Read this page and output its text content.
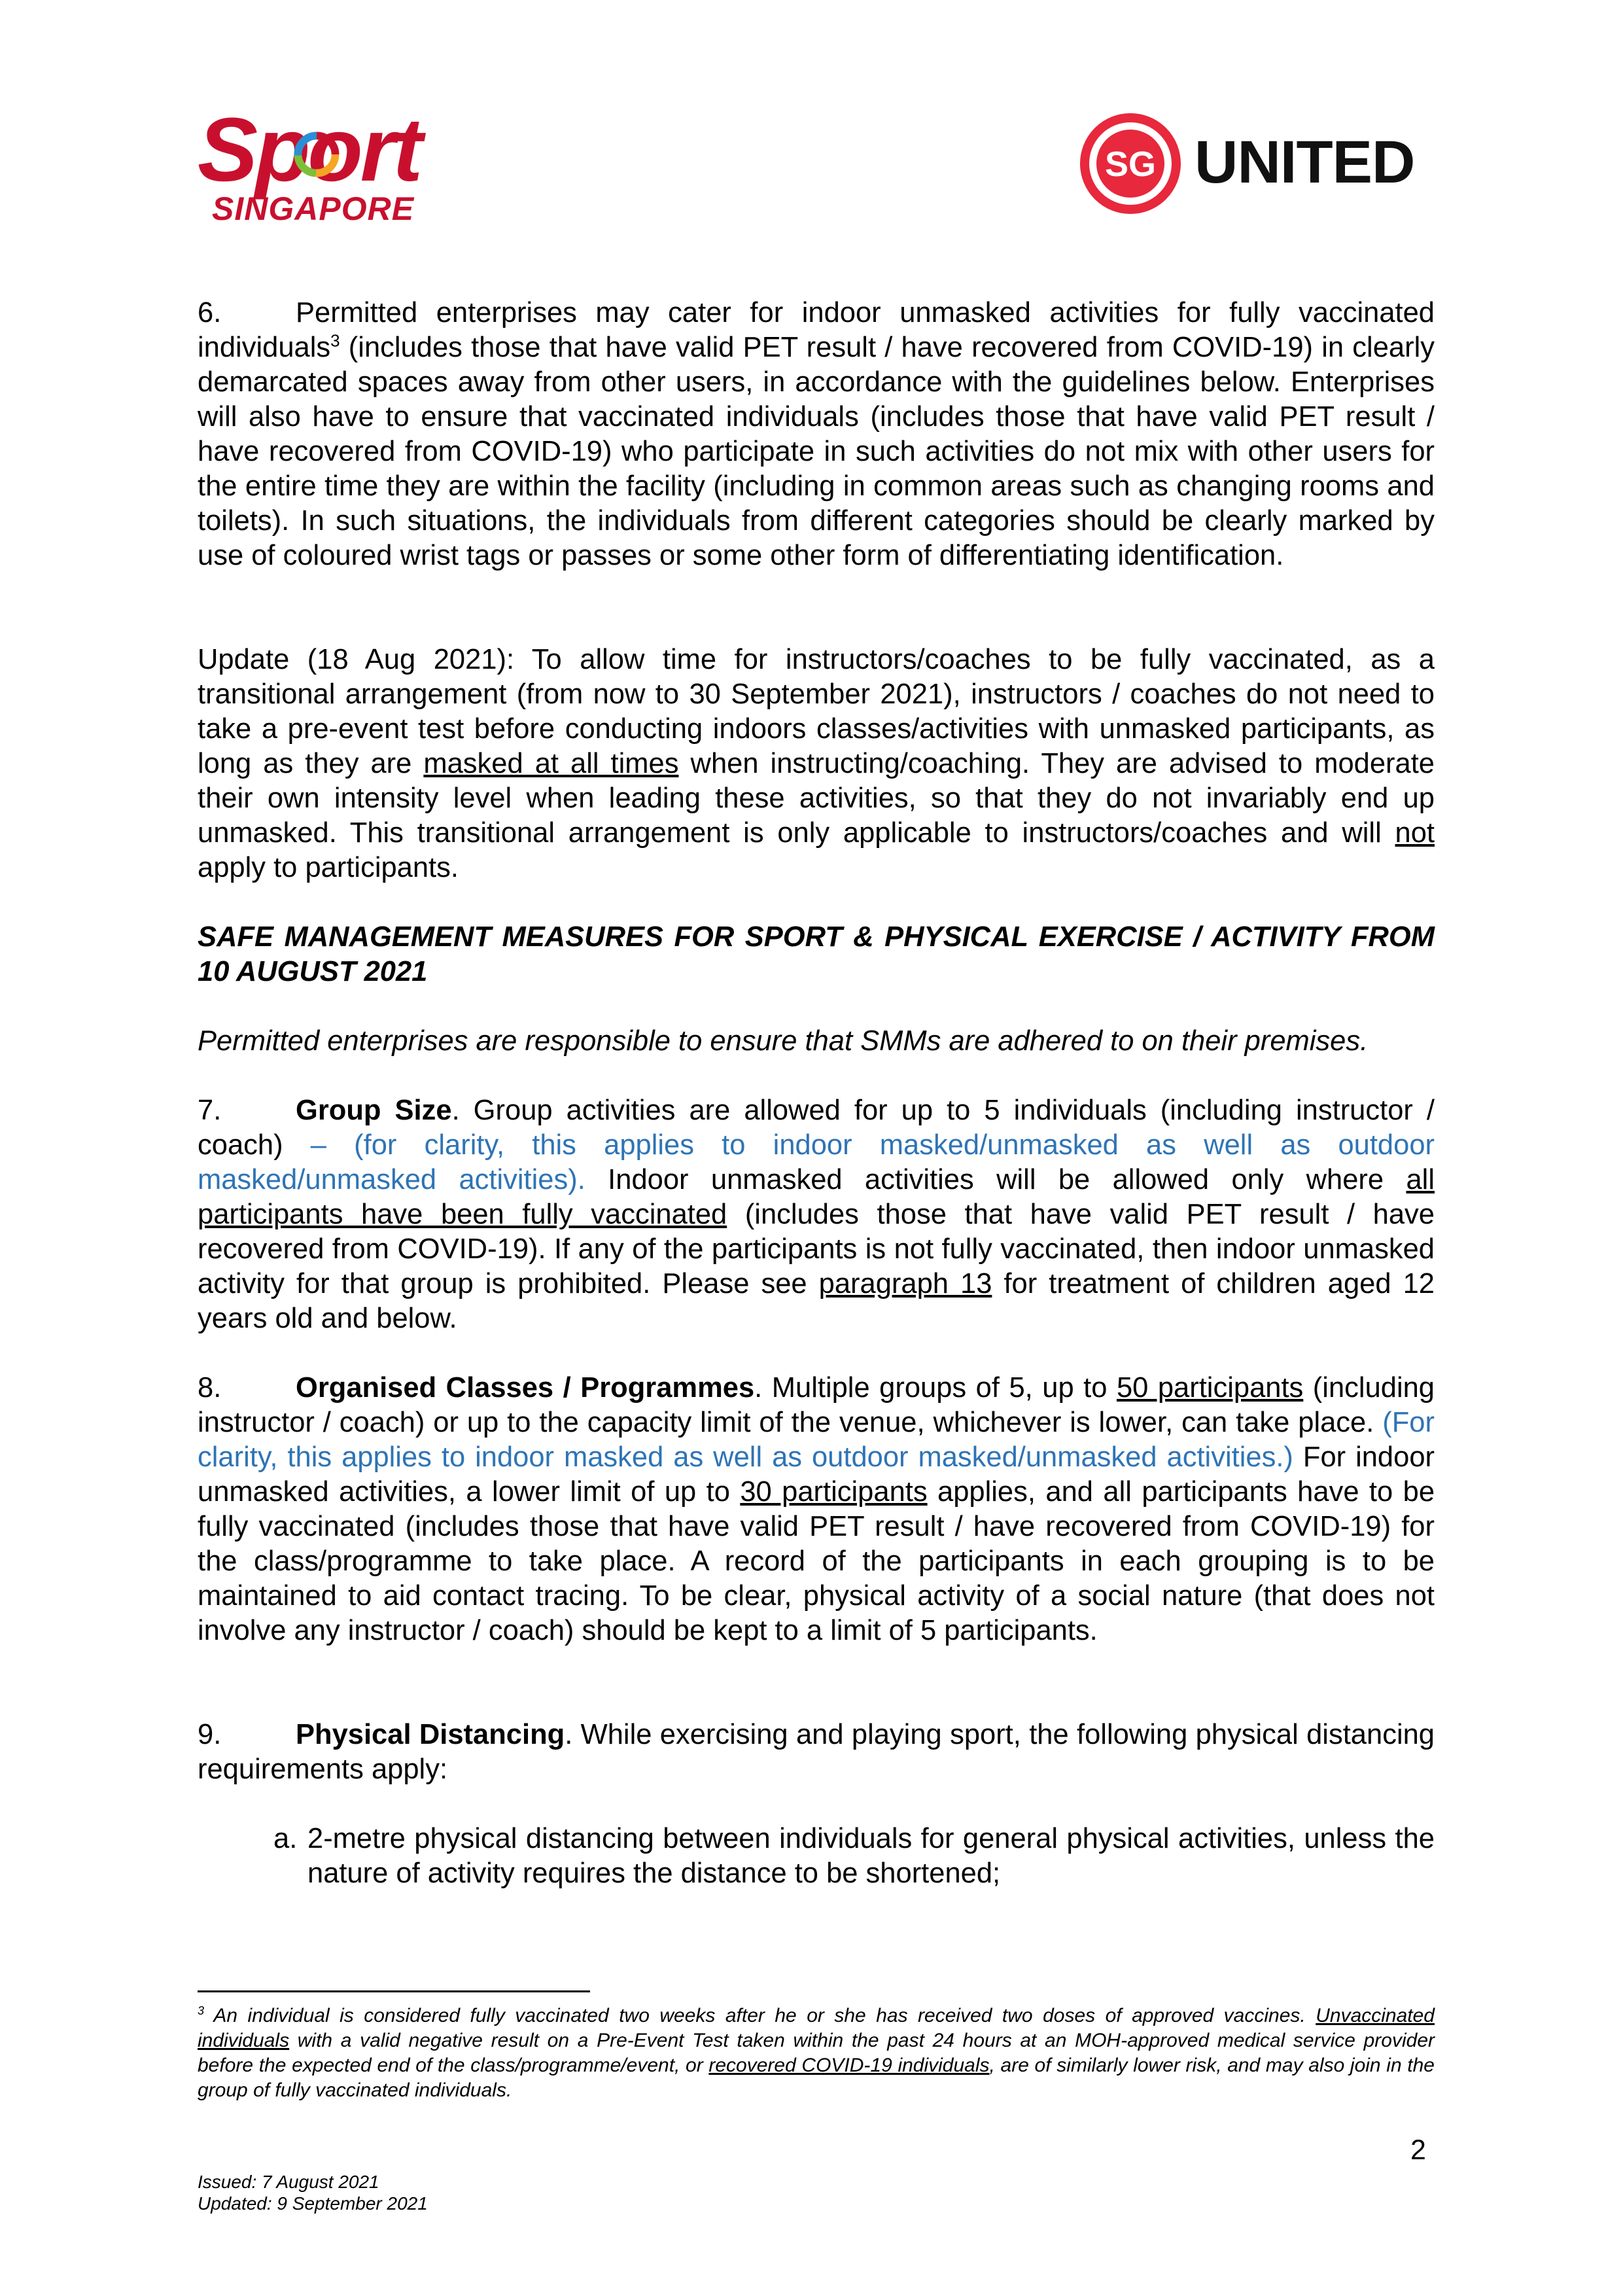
Sport
SINGAPORE
SG UNITED

6.	Permitted enterprises may cater for indoor unmasked activities for fully vaccinated individuals$^3$ (includes those that have valid PET result / have recovered from COVID-19) in clearly demarcated spaces away from other users, in accordance with the guidelines below. Enterprises will also have to ensure that vaccinated individuals (includes those that have valid PET result / have recovered from COVID-19) who participate in such activities do not mix with other users for the entire time they are within the facility (including in common areas such as changing rooms and toilets). In such situations, the individuals from different categories should be clearly marked by use of coloured wrist tags or passes or some other form of differentiating identification.

Update (18 Aug 2021): To allow time for instructors/coaches to be fully vaccinated, as a transitional arrangement (from now to 30 September 2021), instructors / coaches do not need to take a pre-event test before conducting indoors classes/activities with unmasked participants, as long as they are masked at all times when instructing/coaching. They are advised to moderate their own intensity level when leading these activities, so that they do not invariably end up unmasked. This transitional arrangement is only applicable to instructors/coaches and will not apply to participants.

SAFE MANAGEMENT MEASURES FOR SPORT & PHYSICAL EXERCISE / ACTIVITY FROM 10 AUGUST 2021

Permitted enterprises are responsible to ensure that SMMs are adhered to on their premises.

7.	Group Size. Group activities are allowed for up to 5 individuals (including instructor / coach) – (for clarity, this applies to indoor masked/unmasked as well as outdoor masked/unmasked activities). Indoor unmasked activities will be allowed only where all participants have been fully vaccinated (includes those that have valid PET result / have recovered from COVID-19). If any of the participants is not fully vaccinated, then indoor unmasked activity for that group is prohibited. Please see paragraph 13 for treatment of children aged 12 years old and below.

8.	Organised Classes / Programmes. Multiple groups of 5, up to 50 participants (including instructor / coach) or up to the capacity limit of the venue, whichever is lower, can take place. (For clarity, this applies to indoor masked as well as outdoor masked/unmasked activities.) For indoor unmasked activities, a lower limit of up to 30 participants applies, and all participants have to be fully vaccinated (includes those that have valid PET result / have recovered from COVID-19) for the class/programme to take place. A record of the participants in each grouping is to be maintained to aid contact tracing. To be clear, physical activity of a social nature (that does not involve any instructor / coach) should be kept to a limit of 5 participants.

9.	Physical Distancing. While exercising and playing sport, the following physical distancing requirements apply:

a. 2-metre physical distancing between individuals for general physical activities, unless the nature of activity requires the distance to be shortened;
$^3$ An individual is considered fully vaccinated two weeks after he or she has received two doses of approved vaccines. Unvaccinated individuals with a valid negative result on a Pre-Event Test taken within the past 24 hours at an MOH-approved medical service provider before the expected end of the class/programme/event, or recovered COVID-19 individuals, are of similarly lower risk, and may also join in the group of fully vaccinated individuals.
2
Issued: 7 August 2021
Updated: 9 September 2021
